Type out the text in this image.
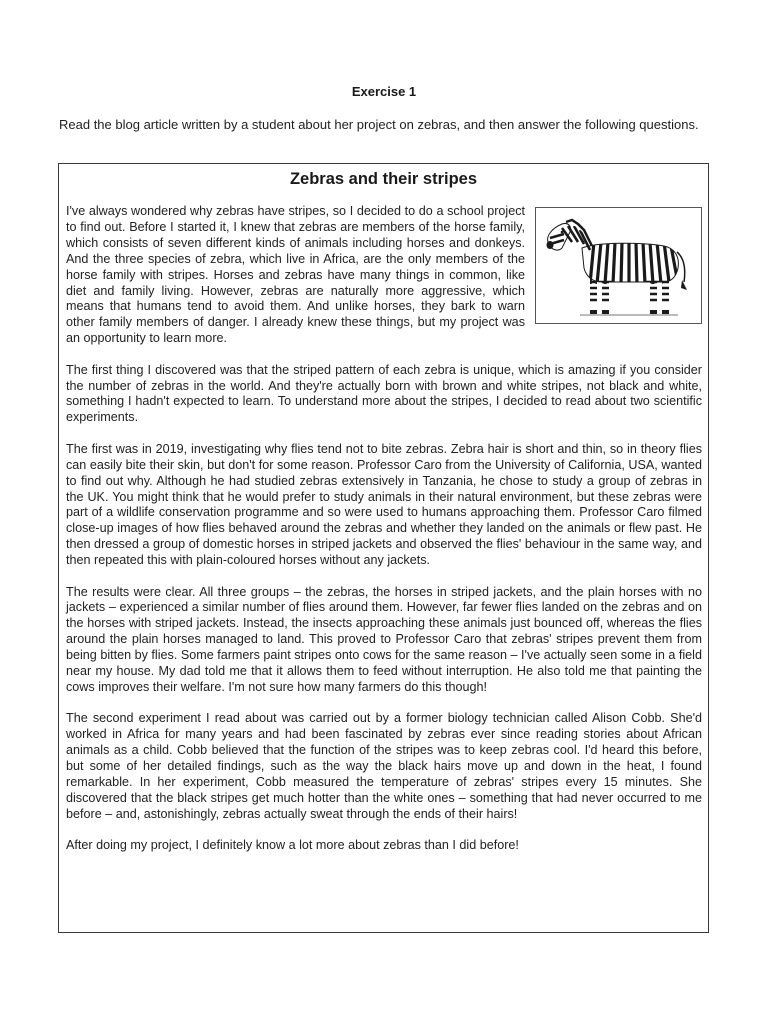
Exercise 1
Read the blog article written by a student about her project on zebras, and then answer the following questions.
Zebras and their stripes

I've always wondered why zebras have stripes, so I decided to do a school project to find out. Before I started it, I knew that zebras are members of the horse family, which consists of seven different kinds of animals including horses and donkeys. And the three species of zebra, which live in Africa, are the only members of the horse family with stripes. Horses and zebras have many things in common, like diet and family living. However, zebras are naturally more aggressive, which means that humans tend to avoid them. And unlike horses, they bark to warn other family members of danger. I already knew these things, but my project was an opportunity to learn more.

The first thing I discovered was that the striped pattern of each zebra is unique, which is amazing if you consider the number of zebras in the world. And they're actually born with brown and white stripes, not black and white, something I hadn't expected to learn. To understand more about the stripes, I decided to read about two scientific experiments.

The first was in 2019, investigating why flies tend not to bite zebras. Zebra hair is short and thin, so in theory flies can easily bite their skin, but don't for some reason. Professor Caro from the University of California, USA, wanted to find out why. Although he had studied zebras extensively in Tanzania, he chose to study a group of zebras in the UK. You might think that he would prefer to study animals in their natural environment, but these zebras were part of a wildlife conservation programme and so were used to humans approaching them. Professor Caro filmed close-up images of how flies behaved around the zebras and whether they landed on the animals or flew past. He then dressed a group of domestic horses in striped jackets and observed the flies' behaviour in the same way, and then repeated this with plain-coloured horses without any jackets.

The results were clear. All three groups – the zebras, the horses in striped jackets, and the plain horses with no jackets – experienced a similar number of flies around them. However, far fewer flies landed on the zebras and on the horses with striped jackets. Instead, the insects approaching these animals just bounced off, whereas the flies around the plain horses managed to land. This proved to Professor Caro that zebras' stripes prevent them from being bitten by flies. Some farmers paint stripes onto cows for the same reason – I've actually seen some in a field near my house. My dad told me that it allows them to feed without interruption. He also told me that painting the cows improves their welfare. I'm not sure how many farmers do this though!

The second experiment I read about was carried out by a former biology technician called Alison Cobb. She'd worked in Africa for many years and had been fascinated by zebras ever since reading stories about African animals as a child. Cobb believed that the function of the stripes was to keep zebras cool. I'd heard this before, but some of her detailed findings, such as the way the black hairs move up and down in the heat, I found remarkable. In her experiment, Cobb measured the temperature of zebras' stripes every 15 minutes. She discovered that the black stripes get much hotter than the white ones – something that had never occurred to me before – and, astonishingly, zebras actually sweat through the ends of their hairs!

After doing my project, I definitely know a lot more about zebras than I did before!
